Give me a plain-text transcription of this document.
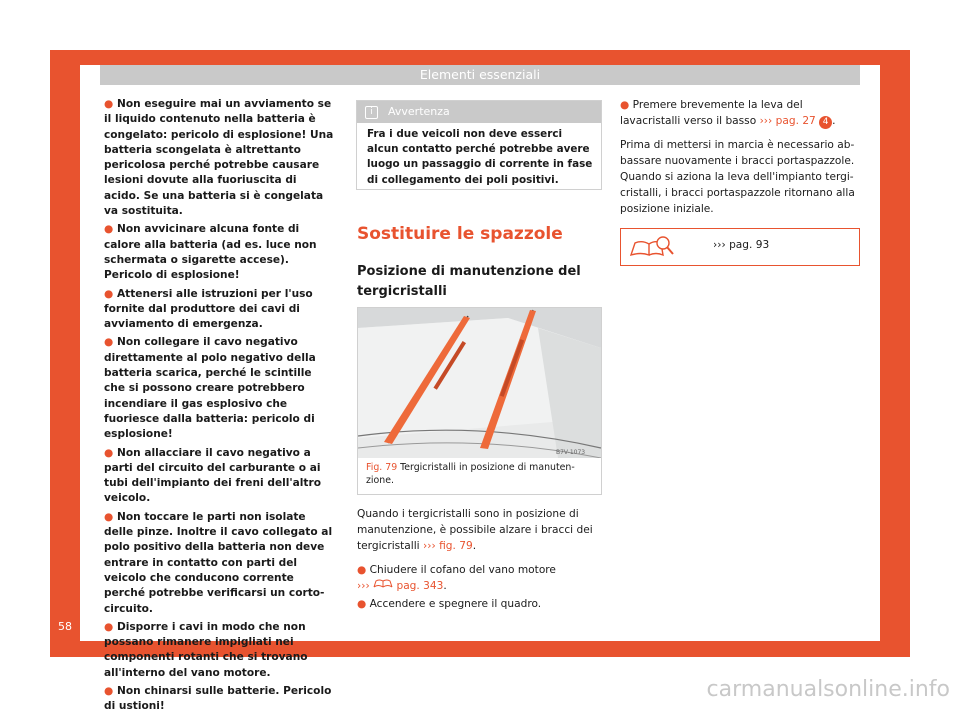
Elementi essenziali

● Non eseguire mai un avviamento se il liquido contenuto nella batteria è congelato: pericolo di esplosione! Una batteria scongelata è altrettanto pericolosa perché potrebbe causare lesioni dovute alla fuoriuscita di acido. Se una batteria si è congelata va sostituita.

● Non avvicinare alcuna fonte di calore alla batteria (ad es. luce non schermata o sigarette accese). Pericolo di esplosione!

● Attenersi alle istruzioni per l'uso fornite dal produttore dei cavi di avviamento di emergenza.

● Non collegare il cavo negativo direttamente al polo negativo della batteria scarica, perché le scintille che si possono creare potrebbero incendiare il gas esplosivo che fuoriesce dalla batteria: pericolo di esplosione!

● Non allacciare il cavo negativo a parti del circuito del carburante o ai tubi dell'impianto dei freni dell'altro veicolo.

● Non toccare le parti non isolate delle pinze. Inoltre il cavo collegato al polo positivo della batteria non deve entrare in contatto con parti del veicolo che conducono corrente perché potrebbe verificarsi un cortocircuito.

● Disporre i cavi in modo che non possano rimanere impigliati nei componenti rotanti che si trovano all'interno del vano motore.

● Non chinarsi sulle batterie. Pericolo di ustioni!

i Avvertenza
Fra i due veicoli non deve esserci alcun contatto perché potrebbe avere luogo un passaggio di corrente in fase di collegamento dei poli positivi.
Sostituire le spazzole
Posizione di manutenzione del tergicristalli
B7V-1073
Fig. 79 Tergicristalli in posizione di manutenzione.

Quando i tergicristalli sono in posizione di manutenzione, è possibile alzare i bracci dei tergicristalli ››› fig. 79.

● Chiudere il cofano del vano motore
›››	pag. 343.

● Accendere e spegnere il quadro.

● Premere brevemente la leva del lavacristalli verso il basso ››› pag. 27 4 .

Prima di mettersi in marcia è necessario abbassare nuovamente i bracci portaspazzole. Quando si aziona la leva dell'impianto tergicristalli, i bracci portaspazzole ritornano alla posizione iniziale.

››› pag. 93
58
carmanualsonline.info
